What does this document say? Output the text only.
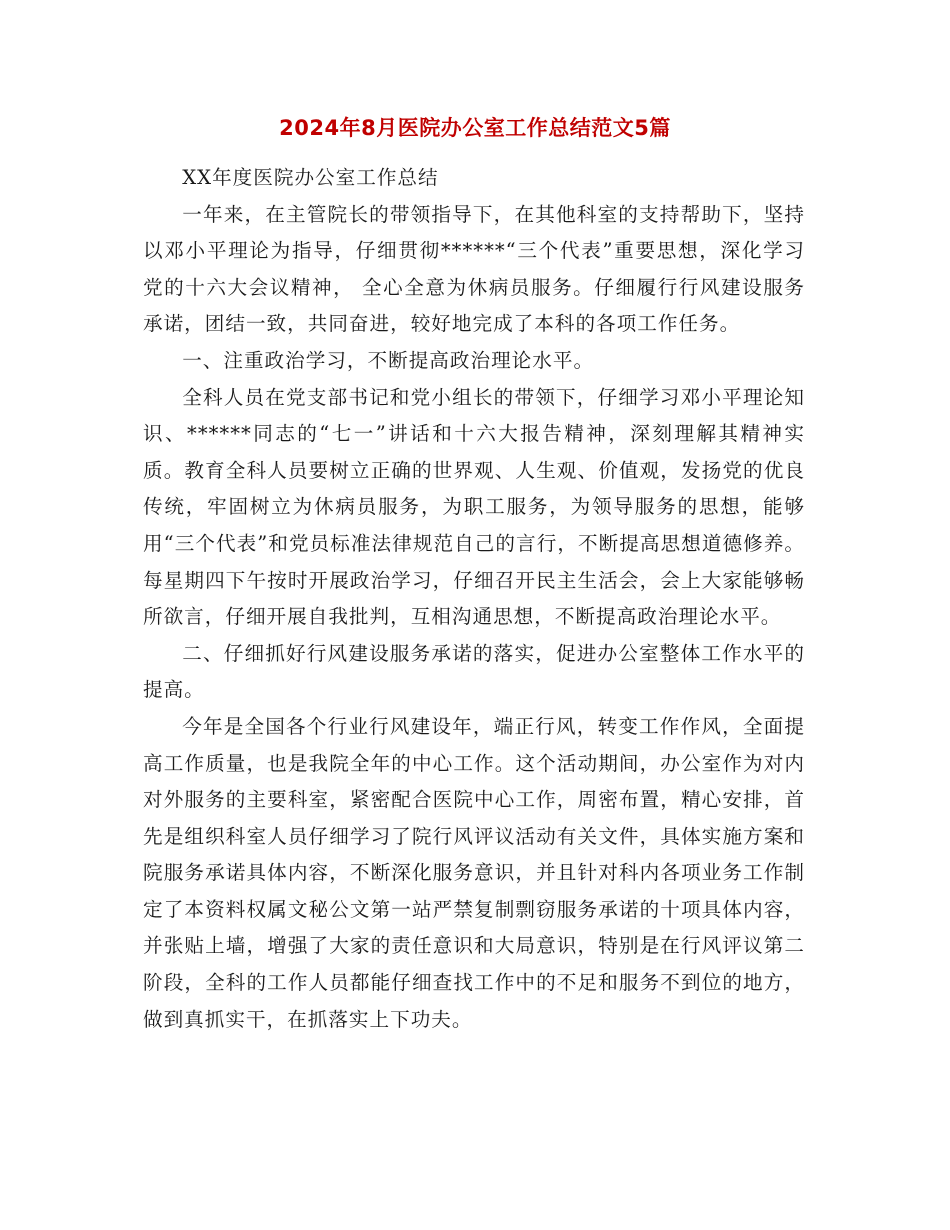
2024年8月医院办公室工作总结范文5篇

XX年度医院办公室工作总结

一年来，在主管院长的带领指导下，在其他科室的支持帮助下，坚持以邓小平理论为指导，仔细贯彻******“三个代表”重要思想，深化学习党的十六大会议精神， 全心全意为休病员服务。仔细履行行风建设服务承诺，团结一致，共同奋进，较好地完成了本科的各项工作任务。

一、注重政治学习，不断提高政治理论水平。

全科人员在党支部书记和党小组长的带领下，仔细学习邓小平理论知识、******同志的“七一”讲话和十六大报告精神，深刻理解其精神实质。教育全科人员要树立正确的世界观、人生观、价值观，发扬党的优良传统，牢固树立为休病员服务，为职工服务，为领导服务的思想，能够用“三个代表”和党员标准法律规范自己的言行，不断提高思想道德修养。每星期四下午按时开展政治学习，仔细召开民主生活会，会上大家能够畅所欲言，仔细开展自我批判，互相沟通思想，不断提高政治理论水平。

二、仔细抓好行风建设服务承诺的落实，促进办公室整体工作水平的提高。

今年是全国各个行业行风建设年，端正行风，转变工作作风，全面提高工作质量，也是我院全年的中心工作。这个活动期间，办公室作为对内对外服务的主要科室，紧密配合医院中心工作，周密布置，精心安排，首先是组织科室人员仔细学习了院行风评议活动有关文件，具体实施方案和院服务承诺具体内容，不断深化服务意识，并且针对科内各项业务工作制定了本资料权属文秘公文第一站严禁复制剽窃服务承诺的十项具体内容，并张贴上墙，增强了大家的责任意识和大局意识，特别是在行风评议第二阶段，全科的工作人员都能仔细查找工作中的不足和服务不到位的地方，做到真抓实干，在抓落实上下功夫。
